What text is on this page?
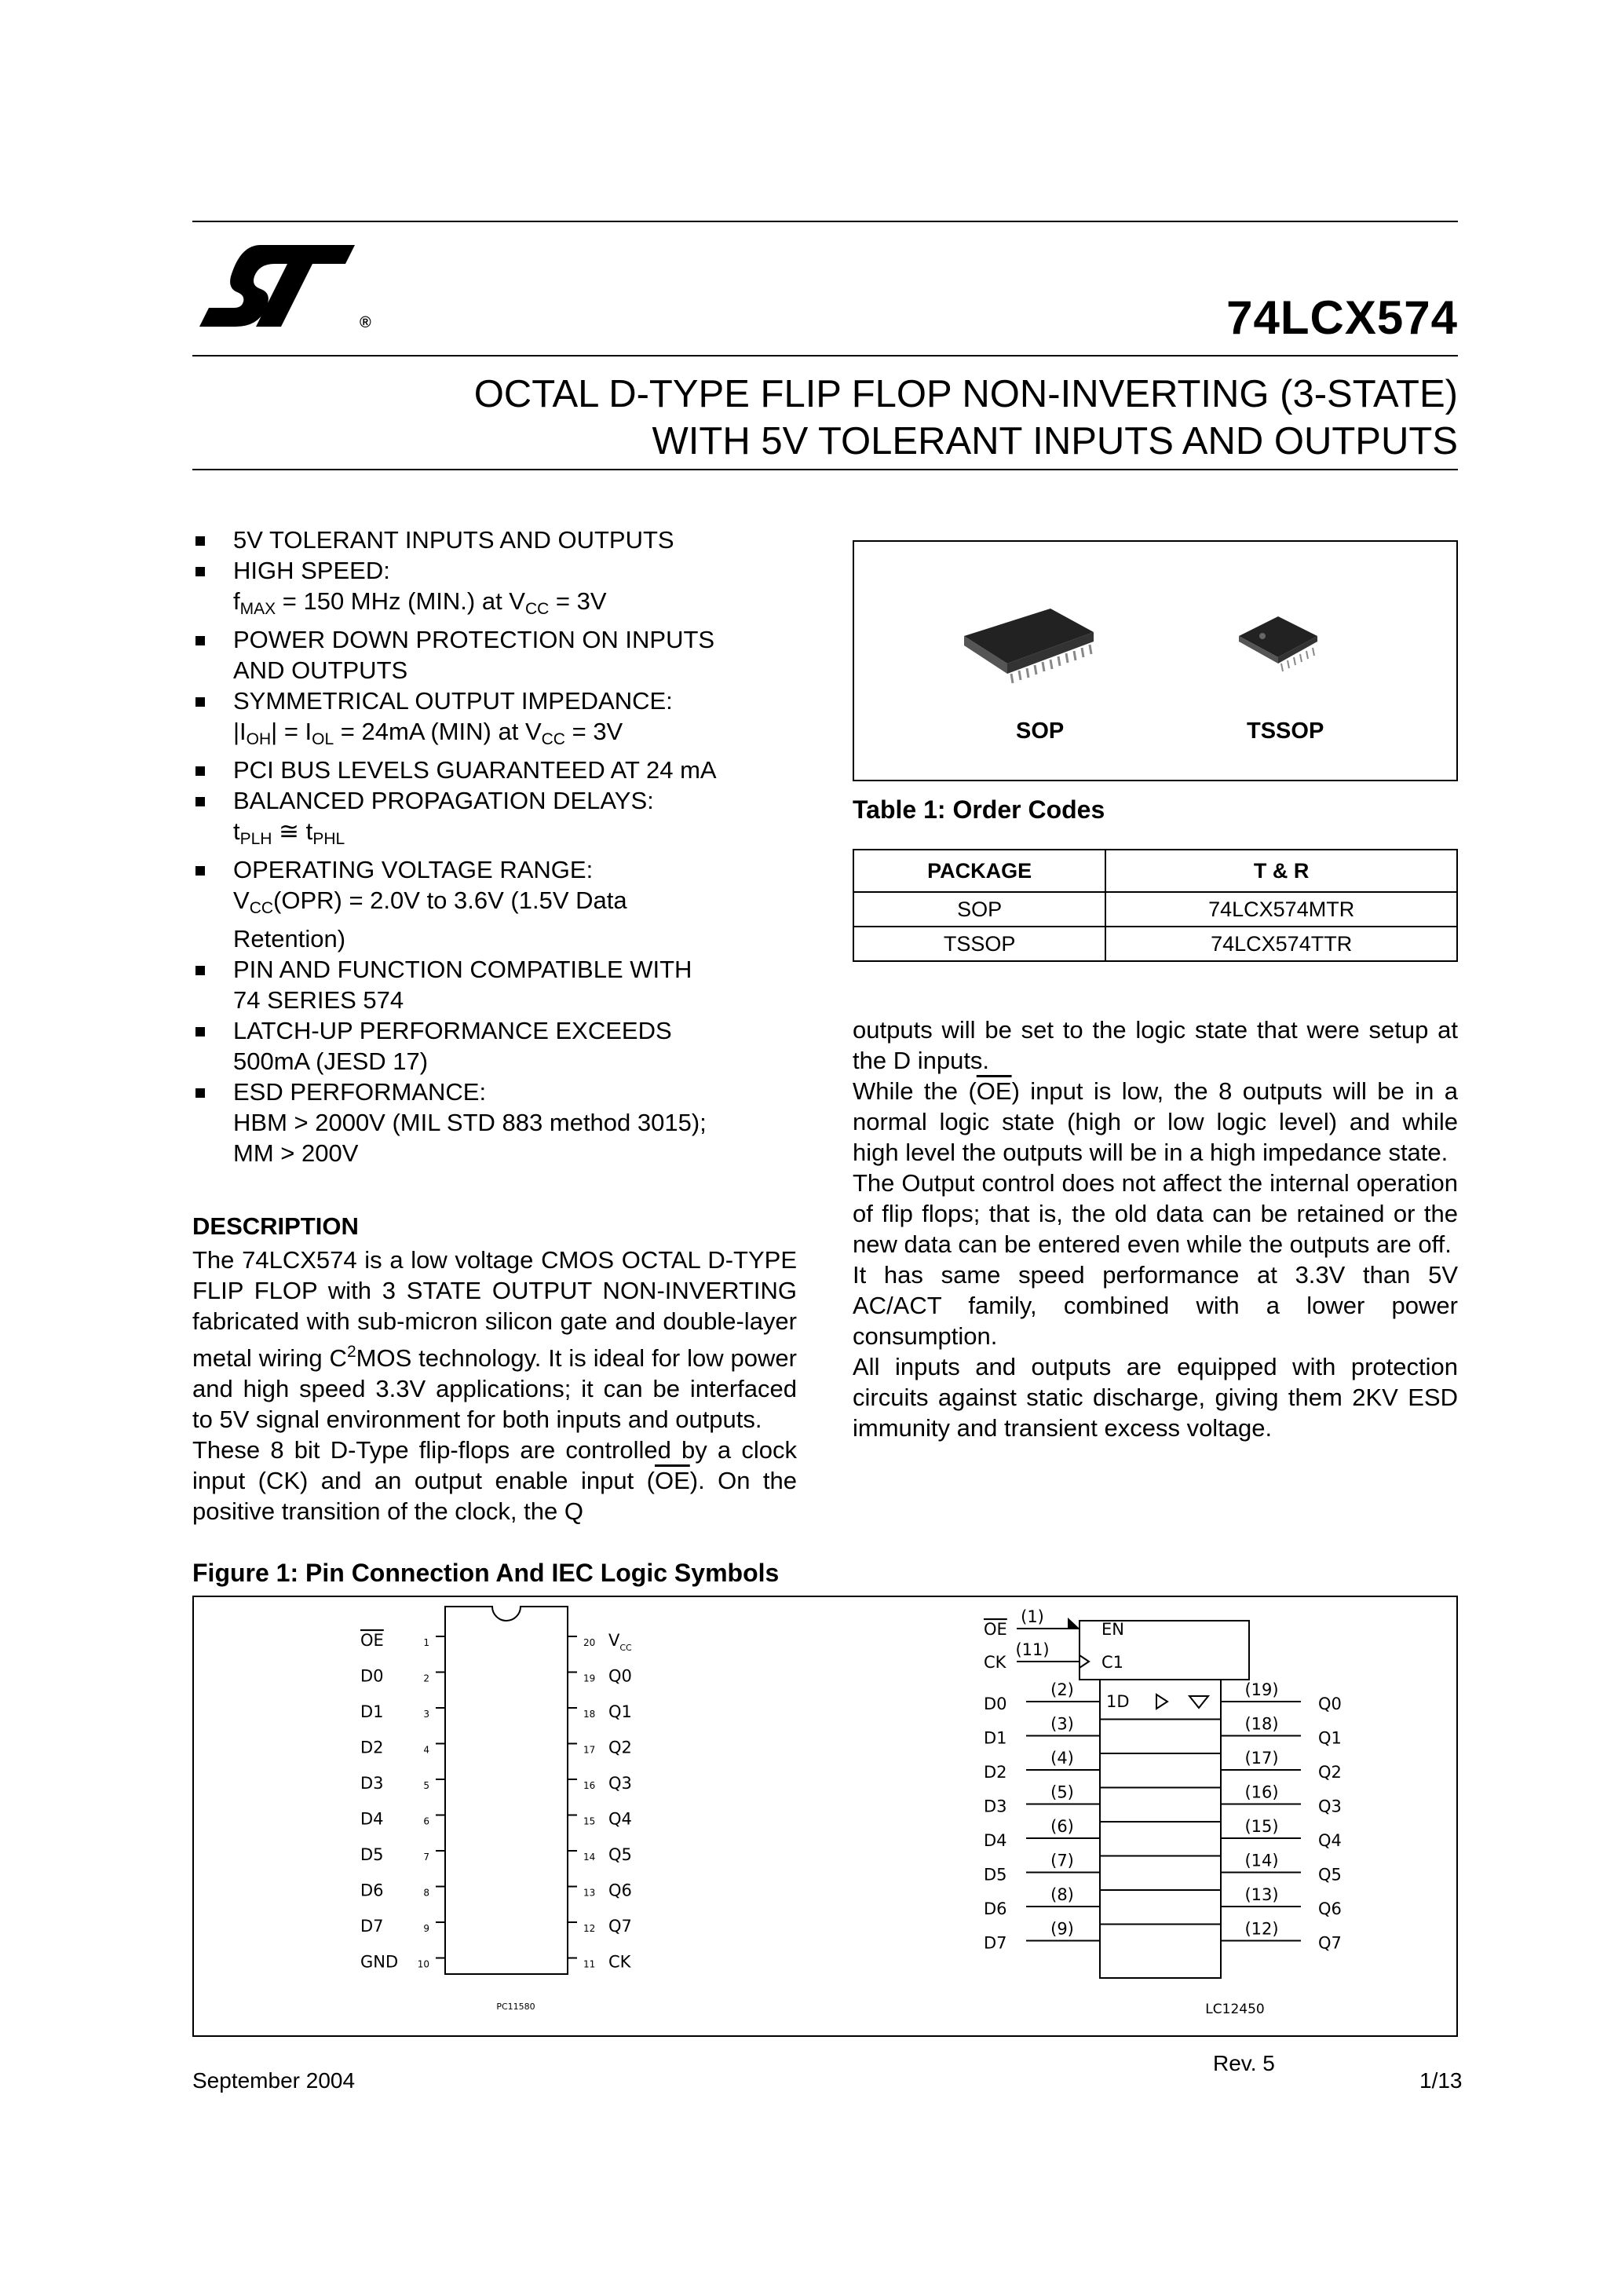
®	74LCX574
OCTAL D-TYPE FLIP FLOP NON-INVERTING (3-STATE)
WITH 5V TOLERANT INPUTS AND OUTPUTS
5V TOLERANT INPUTS AND OUTPUTS
HIGH SPEED:
$f_{MAX} = 150$ MHz (MIN.) at $V_{CC} = 3V$
POWER DOWN PROTECTION ON INPUTS
AND OUTPUTS
SYMMETRICAL OUTPUT IMPEDANCE:
$|I_{OH}| = I_{OL} = 24mA$ (MIN) at $V_{CC} = 3V$
PCI BUS LEVELS GUARANTEED AT 24 mA
BALANCED PROPAGATION DELAYS:
$t_{PLH}$ ≅ $t_{PHL}$
OPERATING VOLTAGE RANGE:
$V_{CC}(OPR) = 2.0V$ to 3.6V (1.5V Data
Retention)
PIN AND FUNCTION COMPATIBLE WITH
74 SERIES 574
LATCH-UP PERFORMANCE EXCEEDS
500mA (JESD 17)
ESD PERFORMANCE:
HBM > 2000V (MIL STD 883 method 3015);
MM > 200V
SOP	TSSOP
Table 1: Order Codes
PACKAGE	T & R
SOP	74LCX574MTR
TSSOP	74LCX574TTR
DESCRIPTION
The 74LCX574 is a low voltage CMOS OCTAL D-TYPE FLIP FLOP with 3 STATE OUTPUT NON-INVERTING fabricated with sub-micron silicon gate and double-layer metal wiring $C^2MOS$ technology. It is ideal for low power and high speed 3.3V applications; it can be interfaced to 5V signal environment for both inputs and outputs.
These 8 bit D-Type flip-flops are controlled by a clock input (CK) and an output enable input $(\overline{OE})$. On the positive transition of the clock, the Q
outputs will be set to the logic state that were setup at the D inputs.
While the $(\overline{OE})$ input is low, the 8 outputs will be in a normal logic state (high or low logic level) and while high level the outputs will be in a high impedance state.
The Output control does not affect the internal operation of flip flops; that is, the old data can be retained or the new data can be entered even while the outputs are off.
It has same speed performance at 3.3V than 5V AC/ACT family, combined with a lower power consumption.
All inputs and outputs are equipped with protection circuits against static discharge, giving them 2KV ESD immunity and transient excess voltage.
Figure 1: Pin Connection And IEC Logic Symbols
1
OE
2
D0
3
D1
4
D2
5
D3
6
D4
7
D5
8
D6
9
D7
10
GND
20 $V_{CC}$
19 Q0
18 Q1
17 Q2
16 Q3
15 Q4
14 Q5
13 Q6
12 Q7
11 CK
PC11580
1D
OE
(1)
EN
CK
(11)
C1
D0
(2)	(19)
Q0
D1
(3)	(18)
Q1
D2
(4)	(17)
Q2
D3
(5)	(16)
Q3
D4
(6)	(15)
Q4
D5
(7)	(14)
Q5
D6
(8)	(13)
Q6
D7
(9)	(12)
Q7
LC12450
September 2004
Rev. 5
1/13
